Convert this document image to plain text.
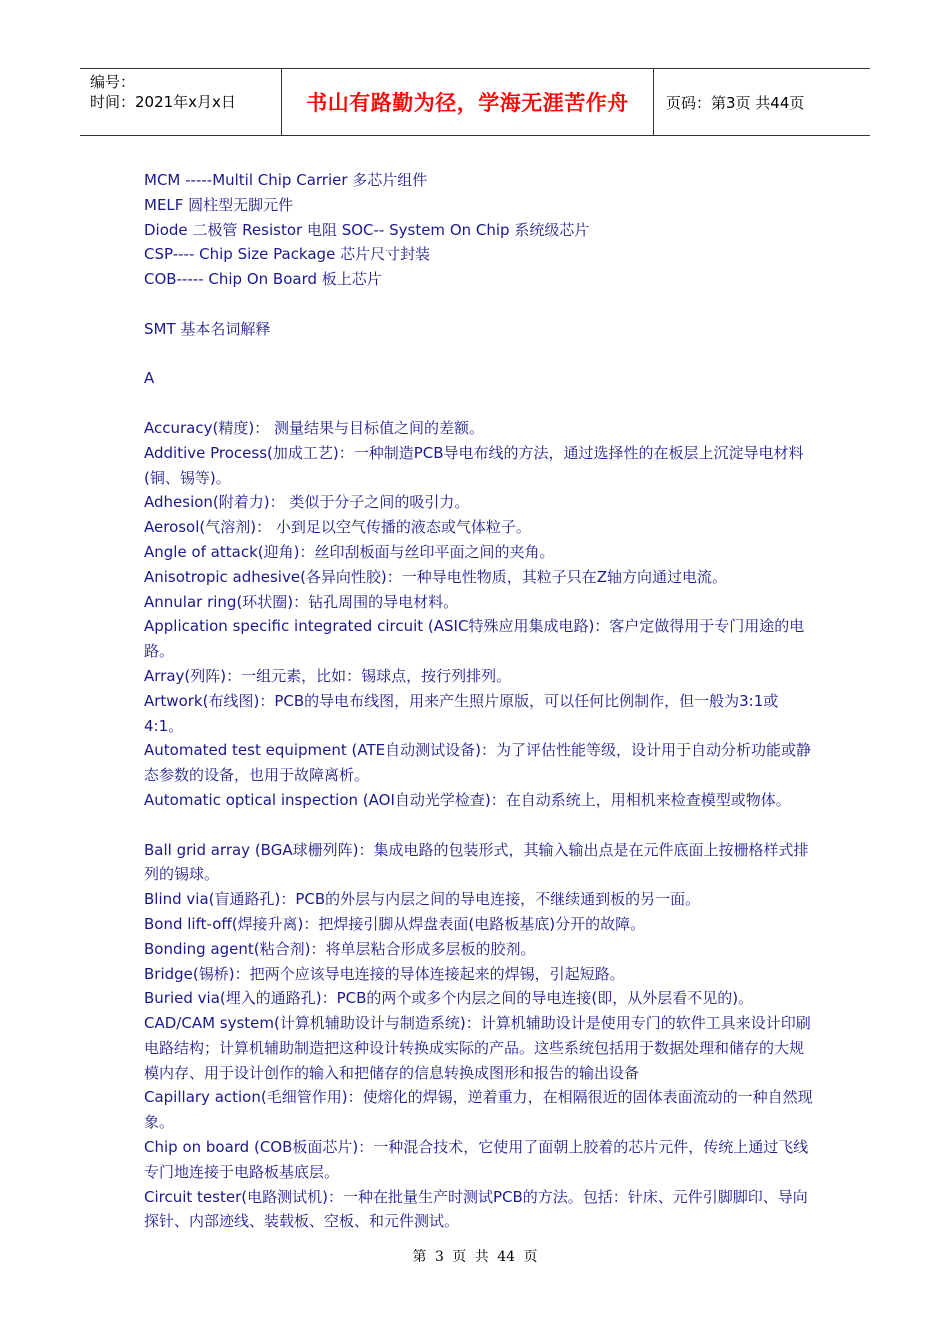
编号：
时间：2021年x月x日	书山有路勤为径，学海无涯苦作舟	页码：第3页 共44页

MCM -----Multil Chip Carrier 多芯片组件

MELF 圆柱型无脚元件

Diode 二极管 Resistor 电阻 SOC-- System On Chip 系统级芯片

CSP---- Chip Size Package 芯片尺寸封装

COB----- Chip On Board 板上芯片

SMT 基本名词解释

A

Accuracy(精度)： 测量结果与目标值之间的差额。

Additive Process(加成工艺)：一种制造PCB导电布线的方法，通过选择性的在板层上沉淀导电材料(铜、锡等)。

Adhesion(附着力)： 类似于分子之间的吸引力。

Aerosol(气溶剂)： 小到足以空气传播的液态或气体粒子。

Angle of attack(迎角)：丝印刮板面与丝印平面之间的夹角。

Anisotropic adhesive(各异向性胶)：一种导电性物质，其粒子只在Z轴方向通过电流。

Annular ring(环状圈)：钻孔周围的导电材料。

Application specific integrated circuit (ASIC特殊应用集成电路)：客户定做得用于专门用途的电路。

Array(列阵)：一组元素，比如：锡球点，按行列排列。

Artwork(布线图)：PCB的导电布线图，用来产生照片原版，可以任何比例制作，但一般为3:1或4:1。

Automated test equipment (ATE自动测试设备)：为了评估性能等级，设计用于自动分析功能或静态参数的设备，也用于故障离析。

Automatic optical inspection (AOI自动光学检查)：在自动系统上，用相机来检查模型或物体。

Ball grid array (BGA球栅列阵)：集成电路的包装形式，其输入输出点是在元件底面上按栅格样式排列的锡球。

Blind via(盲通路孔)：PCB的外层与内层之间的导电连接，不继续通到板的另一面。

Bond lift-off(焊接升离)：把焊接引脚从焊盘表面(电路板基底)分开的故障。

Bonding agent(粘合剂)：将单层粘合形成多层板的胶剂。

Bridge(锡桥)：把两个应该导电连接的导体连接起来的焊锡，引起短路。

Buried via(埋入的通路孔)：PCB的两个或多个内层之间的导电连接(即，从外层看不见的)。

CAD/CAM system(计算机辅助设计与制造系统)：计算机辅助设计是使用专门的软件工具来设计印刷电路结构；计算机辅助制造把这种设计转换成实际的产品。这些系统包括用于数据处理和储存的大规模内存、用于设计创作的输入和把储存的信息转换成图形和报告的输出设备

Capillary action(毛细管作用)：使熔化的焊锡，逆着重力，在相隔很近的固体表面流动的一种自然现象。

Chip on board (COB板面芯片)：一种混合技术，它使用了面朝上胶着的芯片元件，传统上通过飞线专门地连接于电路板基底层。

Circuit tester(电路测试机)：一种在批量生产时测试PCB的方法。包括：针床、元件引脚脚印、导向探针、内部迹线、装载板、空板、和元件测试。

第 3 页 共 44 页
